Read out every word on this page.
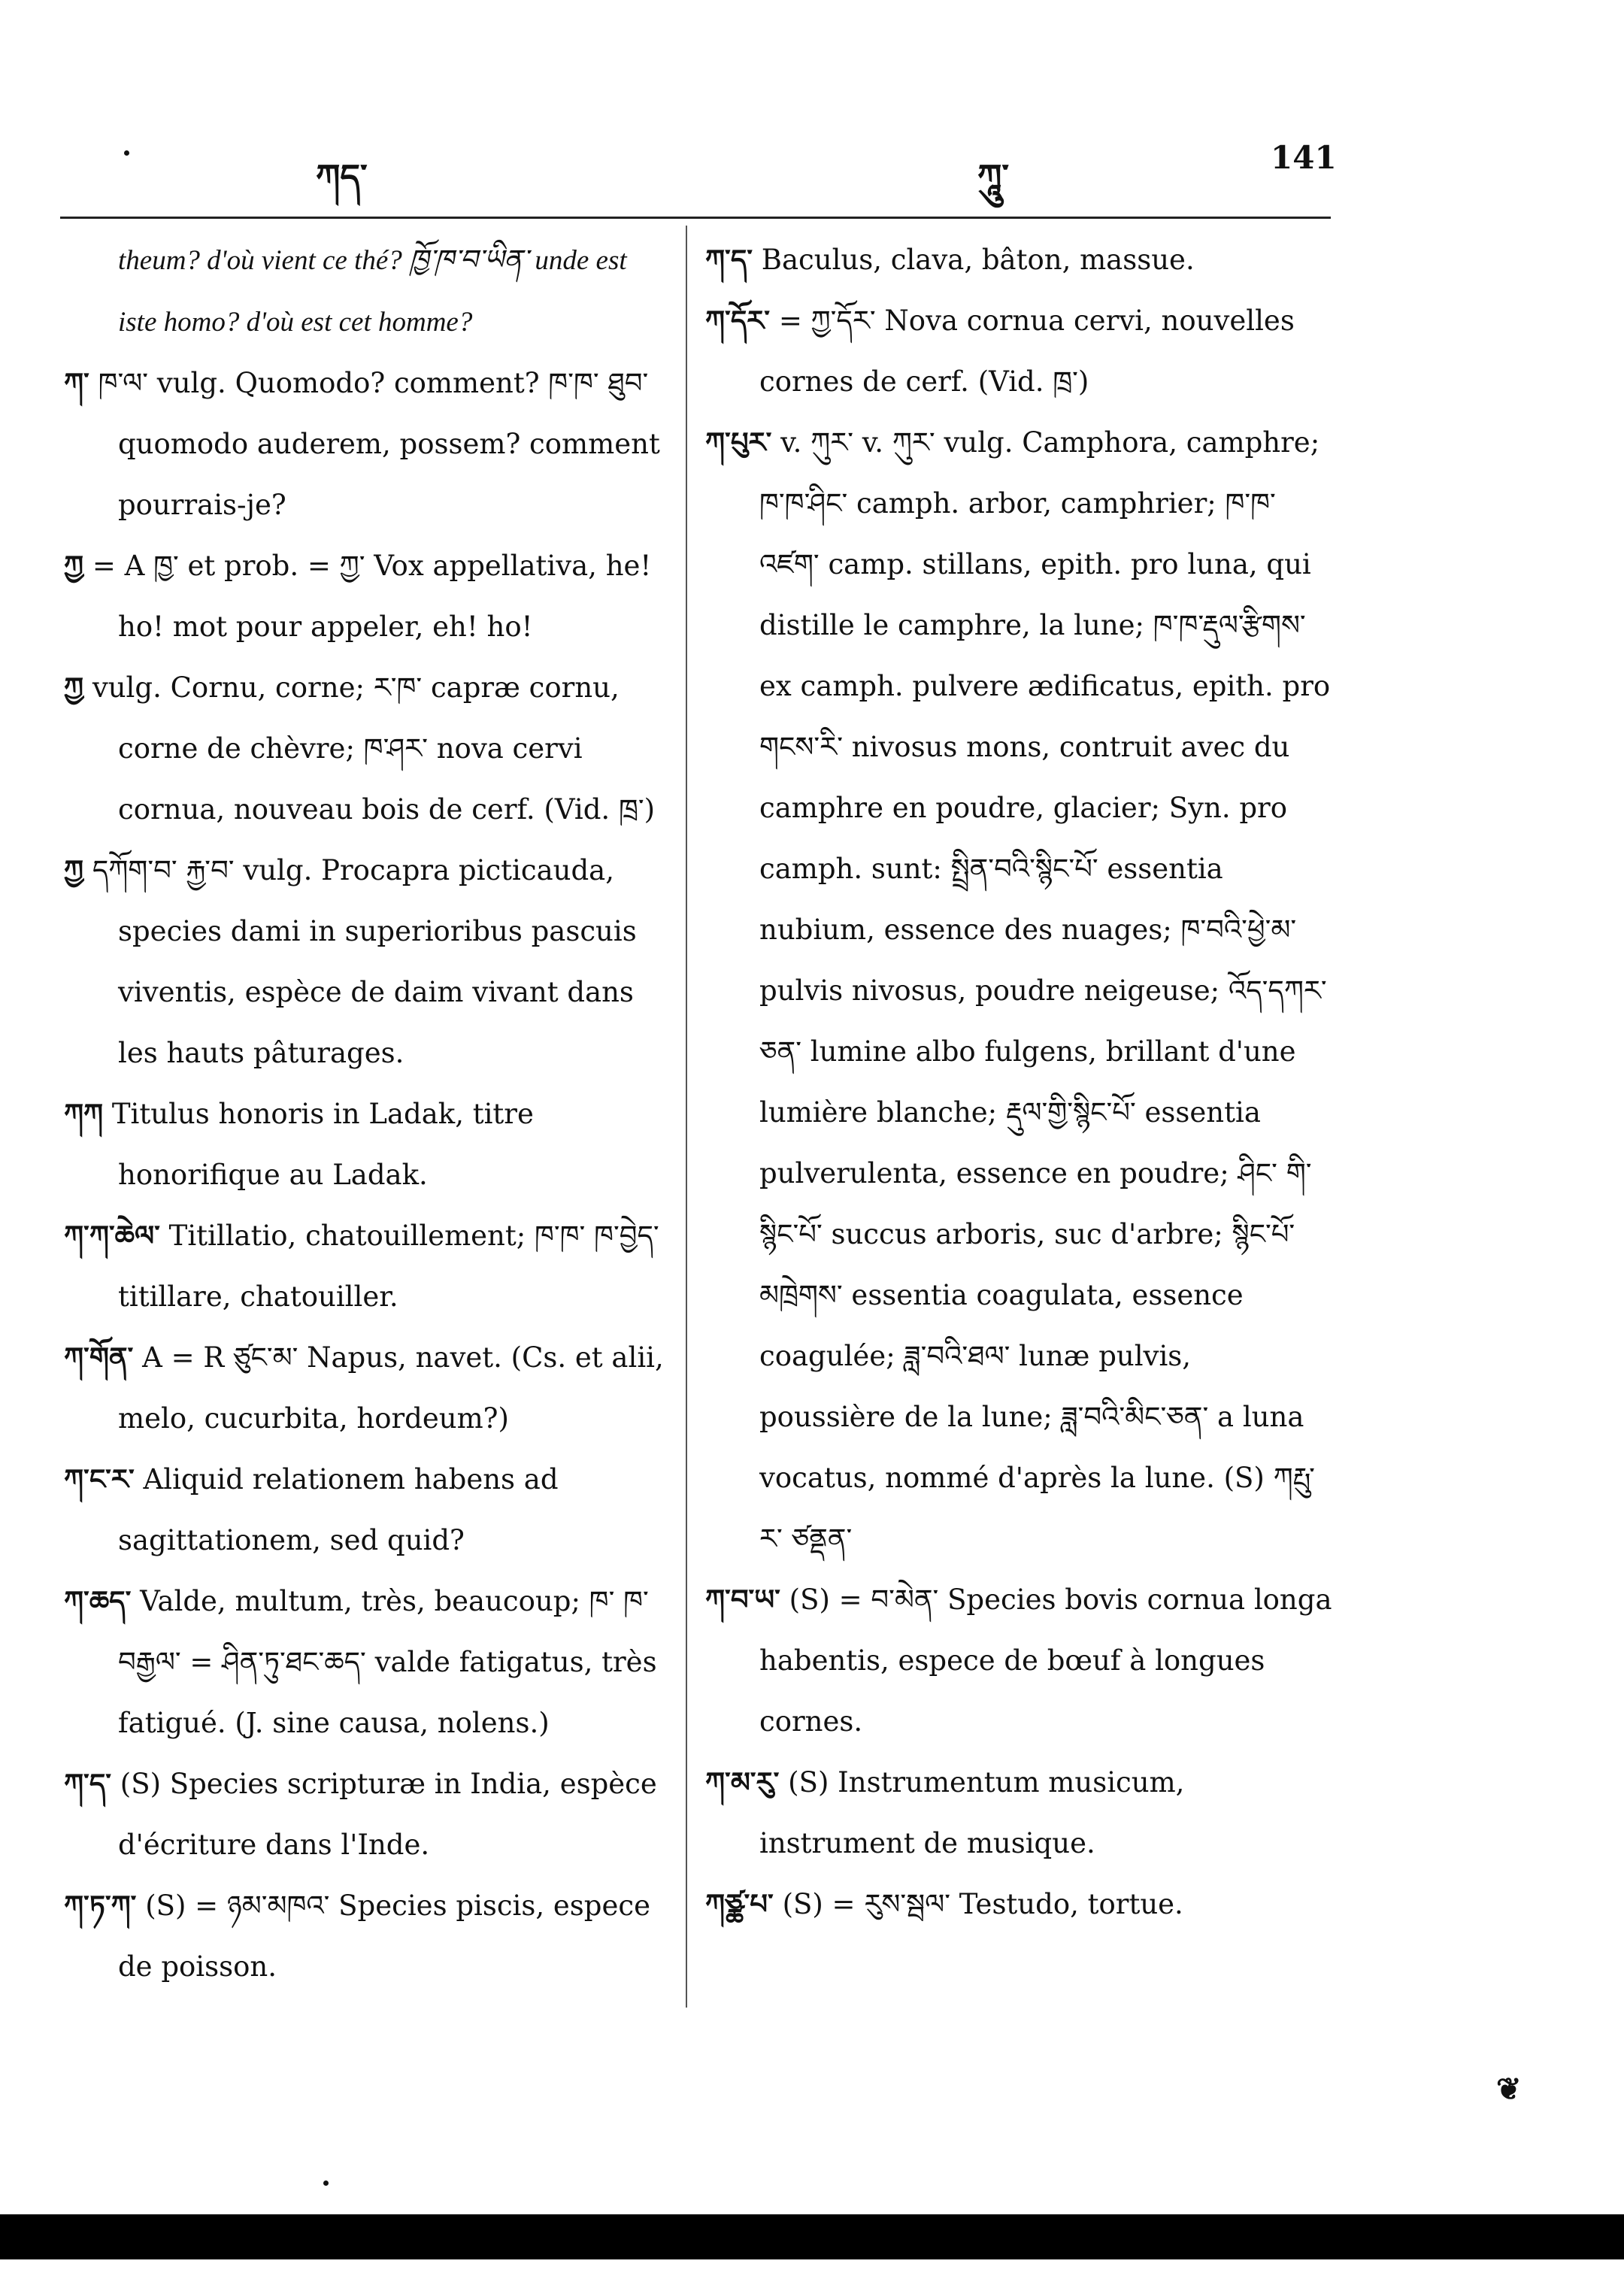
ཀད་	ཀཱུ་	141

theum? d'où vient ce thé? ཁྱོ་ཁ་བ་ཡིན་ unde est iste homo? d'où est cet homme?

ཀ་ ཁ་ལ་ vulg. Quomodo? comment? ཁ་ཁ་ ཐུབ་ quomodo auderem, possem? comment pourrais-je?

ཀྱ = A ཁྱ་ et prob. = ཀྱ་ Vox appellativa, he! ho! mot pour appeler, eh! ho!

ཀྱ vulg. Cornu, corne; ར་ཁ་ capræ cornu, corne de chèvre; ཁ་ཤར་ nova cervi cornua, nouveau bois de cerf. (Vid. ཁྲ་)

ཀྱ དཀོག་བ་ རྐྱ་བ་ vulg. Procapra picticauda, species dami in superioribus pascuis viventis, espèce de daim vivant dans les hauts pâturages.

ཀཀ Titulus honoris in Ladak, titre honorifique au Ladak.

ཀ་ཀ་ཆེལ་ Titillatio, chatouillement; ཁ་ཁ་ ཁ་བྱེད་ titillare, chatouiller.

ཀ་གོན་ A = R ཙུང་མ་ Napus, navet. (Cs. et alii, melo, cucurbita, hordeum?)

ཀ་ང་ར་ Aliquid relationem habens ad sagittationem, sed quid?

ཀ་ཆད་ Valde, multum, très, beaucoup; ཁ་ ཁ་བརྒྱལ་ = ཤིན་ཏུ་ཐང་ཆད་ valde fatigatus, très fatigué. (J. sine causa, nolens.)

ཀ་ད་ (S) Species scripturæ in India, espèce d'écriture dans l'Inde.

ཀ་ཏ་ཀ་ (S) = ཉམ་མཁའ་ Species piscis, espece de poisson.

ཀ་ད་ Baculus, clava, bâton, massue.

ཀ་དོར་ = ཀྱ་དོར་ Nova cornua cervi, nouvelles cornes de cerf. (Vid. ཁྲ་)

ཀ་པུར་ v. ཀུར་ v. ཀུར་ vulg. Camphora, camphre; ཁ་ཁ་ཤིང་ camph. arbor, camphrier; ཁ་ཁ་འཛག་ camp. stillans, epith. pro luna, qui distille le camphre, la lune; ཁ་ཁ་རྡུལ་རྩིགས་ ex camph. pulvere ædificatus, epith. pro གངས་རི་ nivosus mons, contruit avec du camphre en poudre, glacier; Syn. pro camph. sunt: སྤྲིན་བའི་སྙིང་པོ་ essentia nubium, essence des nuages; ཁ་བའི་ཕྱེ་མ་ pulvis nivosus, poudre neigeuse; འོད་དཀར་ཅན་ lumine albo fulgens, brillant d'une lumière blanche; རྡུལ་གྱི་སྙིང་པོ་ essentia pulverulenta, essence en poudre; ཤིང་ གི་སྙིང་པོ་ succus arboris, suc d'arbre; སྙིང་པོ་མཁྲེགས་ essentia coagulata, essence coagulée; ཟླ་བའི་ཐལ་ lunæ pulvis, poussière de la lune; ཟླ་བའི་མིང་ཅན་ a luna vocatus, nommé d'après la lune. (S) ཀརྤུ་ར་ ཙནྡན་

ཀ་བ་ཡ་ (S) = བ་མེན་ Species bovis cornua longa habentis, espece de bœuf à longues cornes.

ཀ་མ་རུ་ (S) Instrumentum musicum, instrument de musique.

ཀཙྪ་པ་ (S) = རུས་སྦལ་ Testudo, tortue.

❦
